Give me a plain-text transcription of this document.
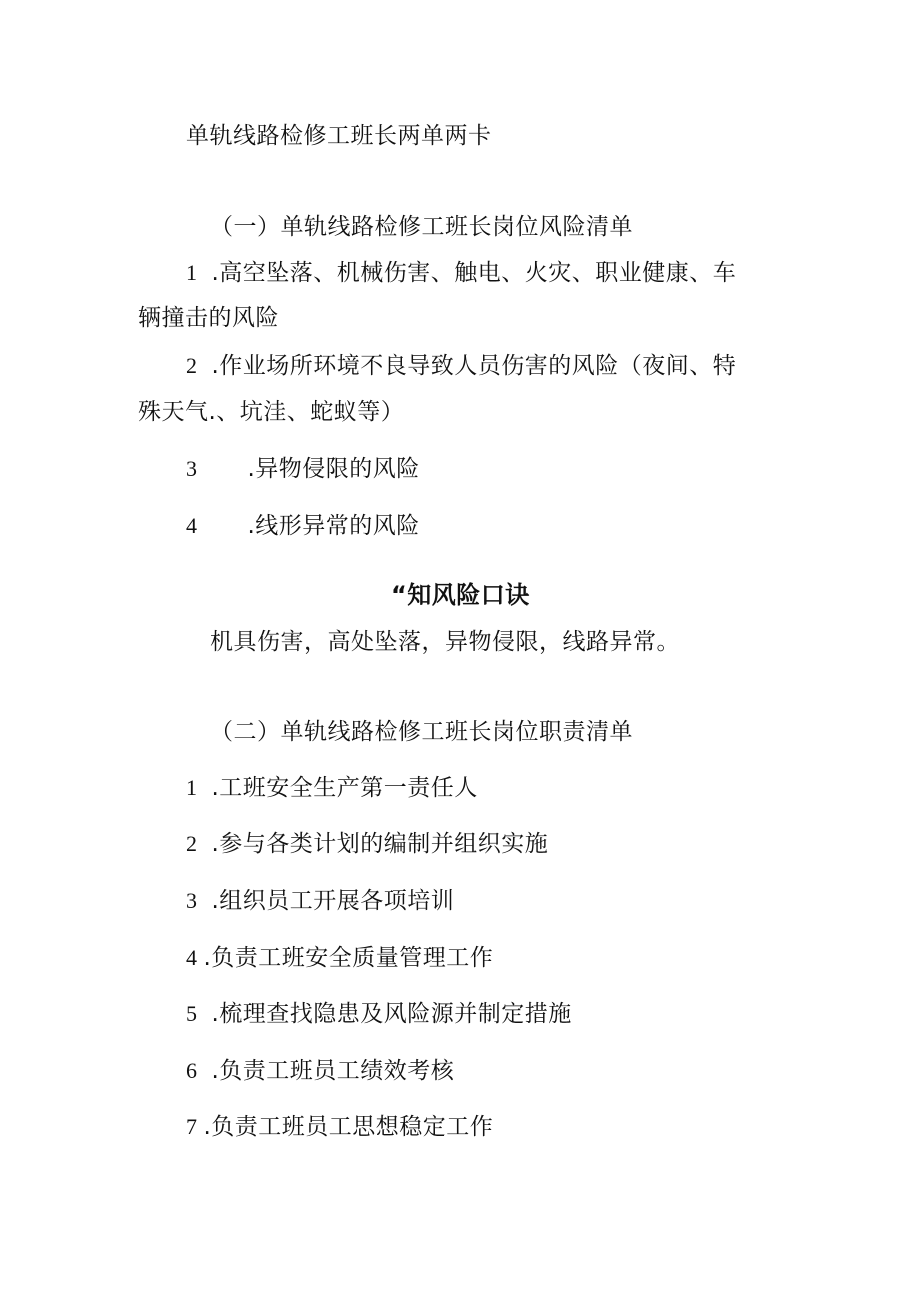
单轨线路检修工班长两单两卡
（一）单轨线路检修工班长岗位风险清单
1 .高空坠落、机械伤害、触电、火灾、职业健康、车
辆撞击的风险
2 .作业场所环境不良导致人员伤害的风险（夜间、特
殊天气.、坑洼、蛇蚁等）
3 .异物侵限的风险
4 .线形异常的风险
“知风险口诀
机具伤害，高处坠落，异物侵限，线路异常。
（二）单轨线路检修工班长岗位职责清单
1 .工班安全生产第一责任人
2 .参与各类计划的编制并组织实施
3 .组织员工开展各项培训
4 .负责工班安全质量管理工作
5 .梳理查找隐患及风险源并制定措施
6 .负责工班员工绩效考核
7 .负责工班员工思想稳定工作
